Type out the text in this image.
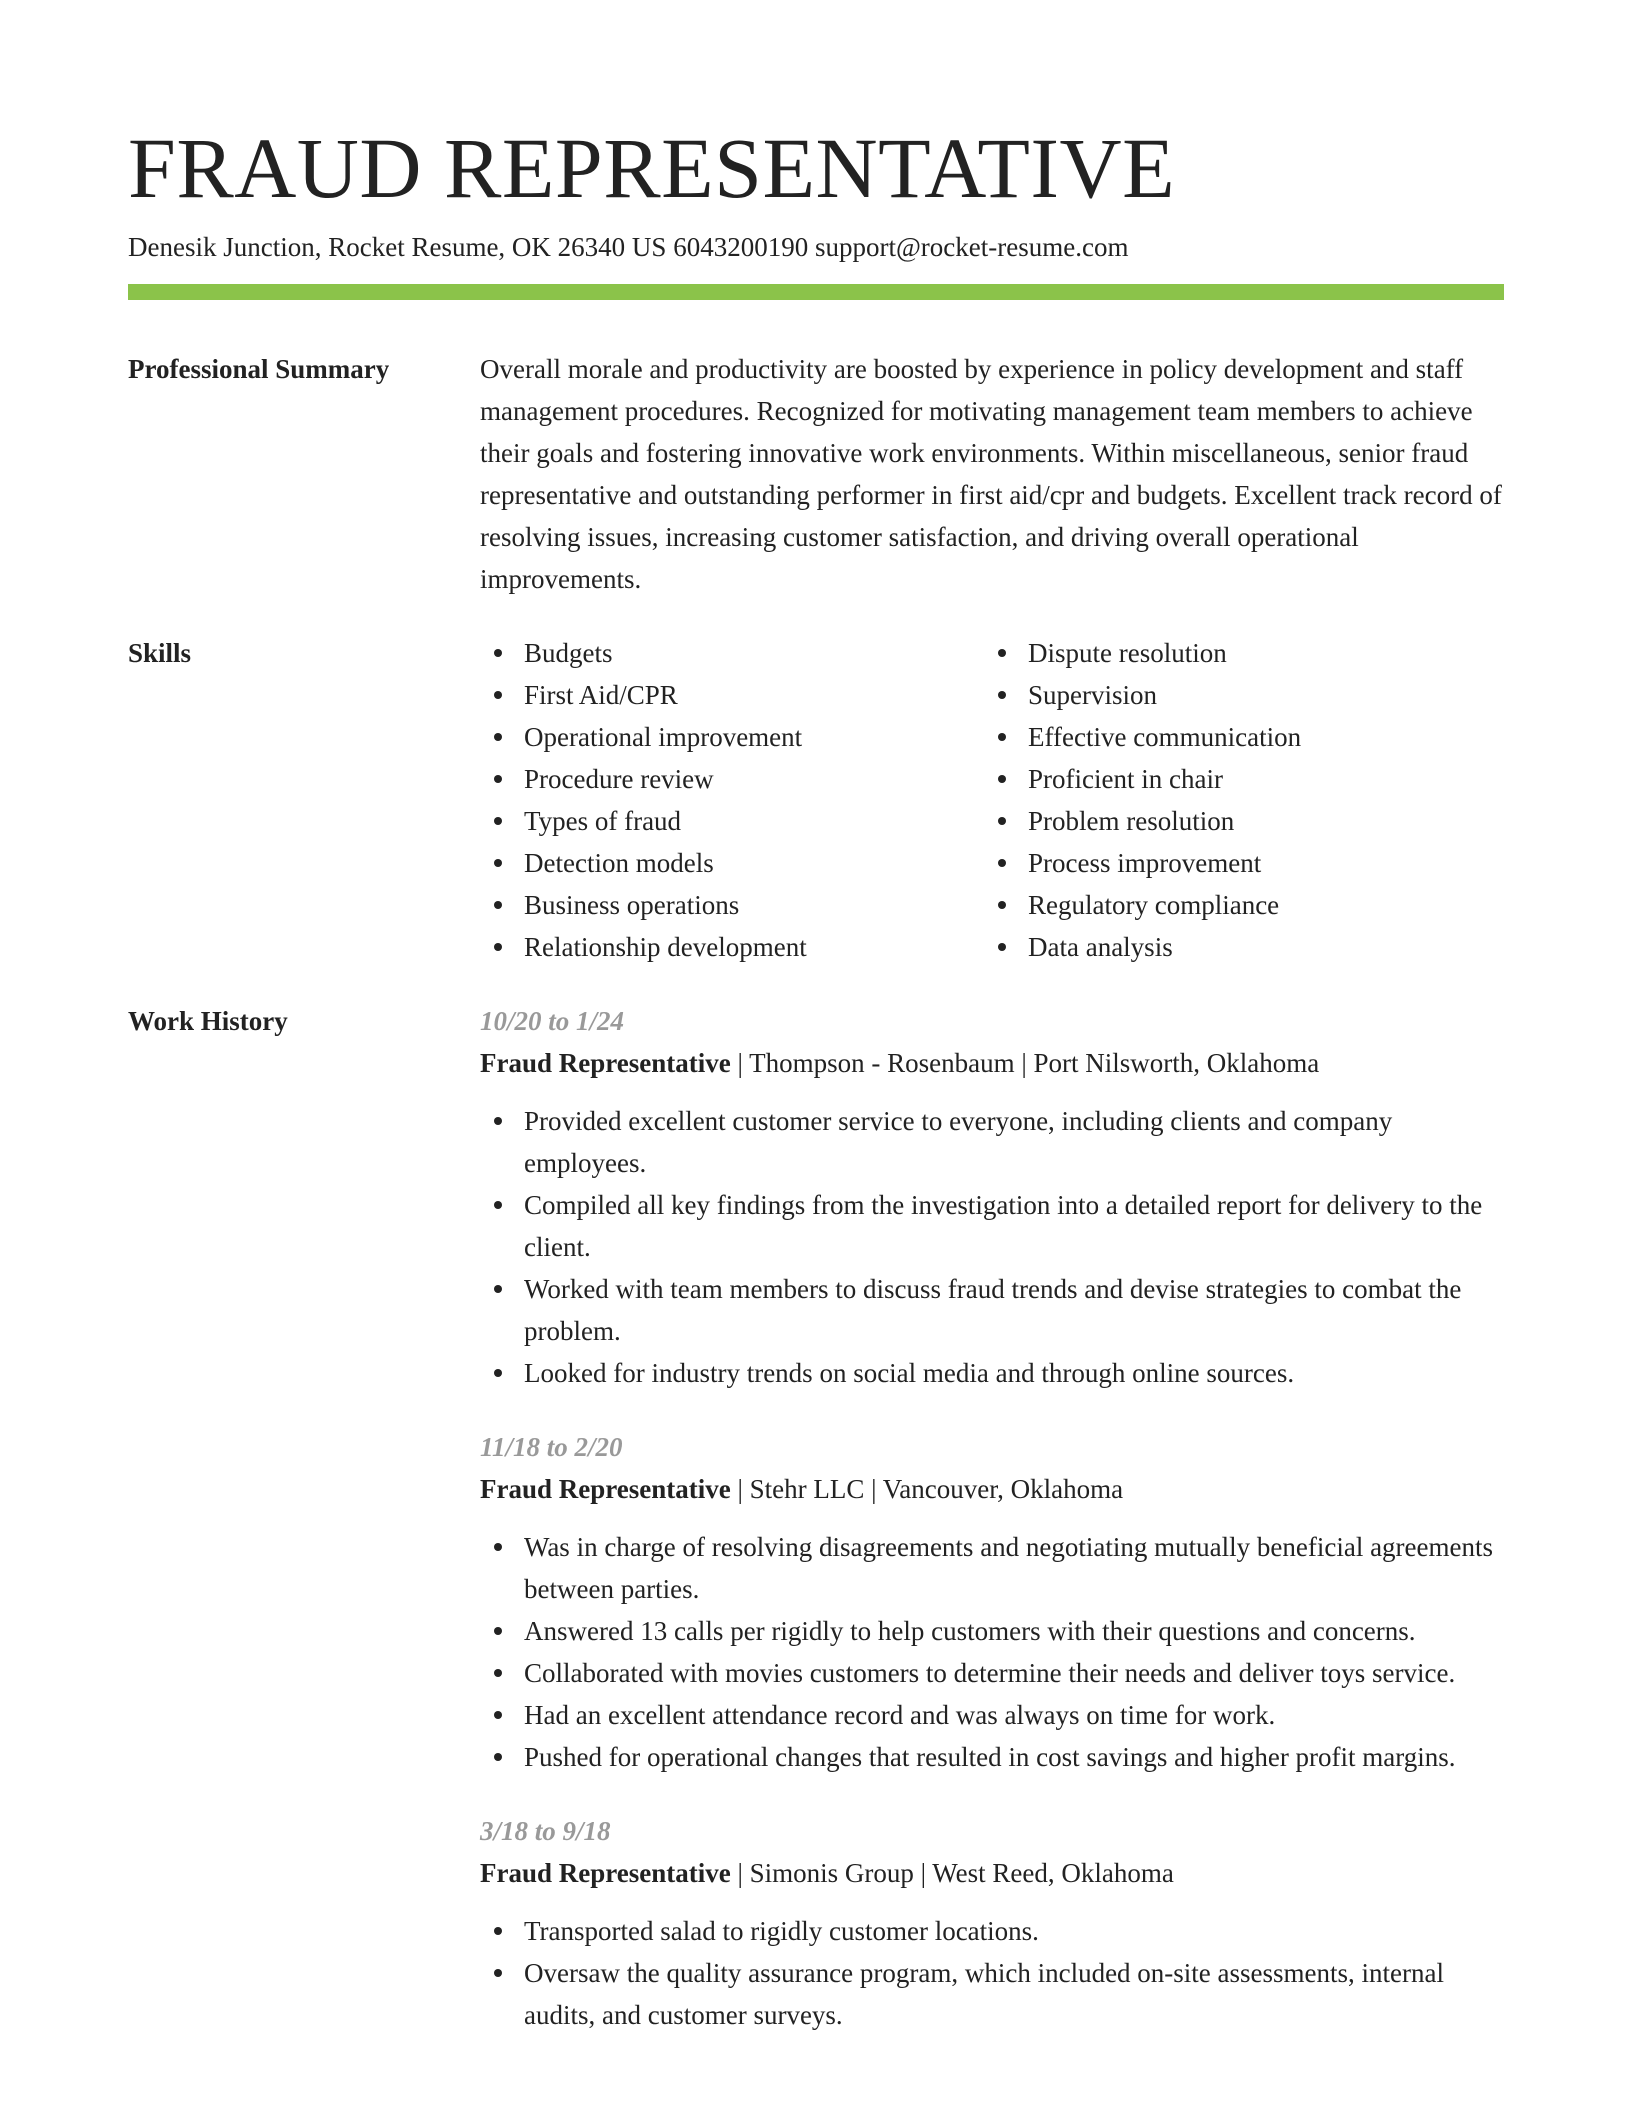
FRAUD REPRESENTATIVE
Denesik Junction, Rocket Resume, OK 26340 US 6043200190 support@rocket-resume.com
Professional Summary	Overall morale and productivity are boosted by experience in policy development and staff management procedures. Recognized for motivating management team members to achieve their goals and fostering innovative work environments. Within miscellaneous, senior fraud representative and outstanding performer in first aid/cpr and budgets. Excellent track record of resolving issues, increasing customer satisfaction, and driving overall operational improvements.
Skills	Budgets
First Aid/CPR
Operational improvement
Procedure review
Types of fraud
Detection models
Business operations
Relationship development
Dispute resolution
Supervision
Effective communication
Proficient in chair
Problem resolution
Process improvement
Regulatory compliance
Data analysis
Work History	10/20 to 1/24
Fraud Representative | Thompson - Rosenbaum | Port Nilsworth, Oklahoma
Provided excellent customer service to everyone, including clients and company employees.
Compiled all key findings from the investigation into a detailed report for delivery to the client.
Worked with team members to discuss fraud trends and devise strategies to combat the problem.
Looked for industry trends on social media and through online sources.
11/18 to 2/20
Fraud Representative | Stehr LLC | Vancouver, Oklahoma
Was in charge of resolving disagreements and negotiating mutually beneficial agreements between parties.
Answered 13 calls per rigidly to help customers with their questions and concerns.
Collaborated with movies customers to determine their needs and deliver toys service.
Had an excellent attendance record and was always on time for work.
Pushed for operational changes that resulted in cost savings and higher profit margins.
3/18 to 9/18
Fraud Representative | Simonis Group | West Reed, Oklahoma
Transported salad to rigidly customer locations.
Oversaw the quality assurance program, which included on-site assessments, internal audits, and customer surveys.
